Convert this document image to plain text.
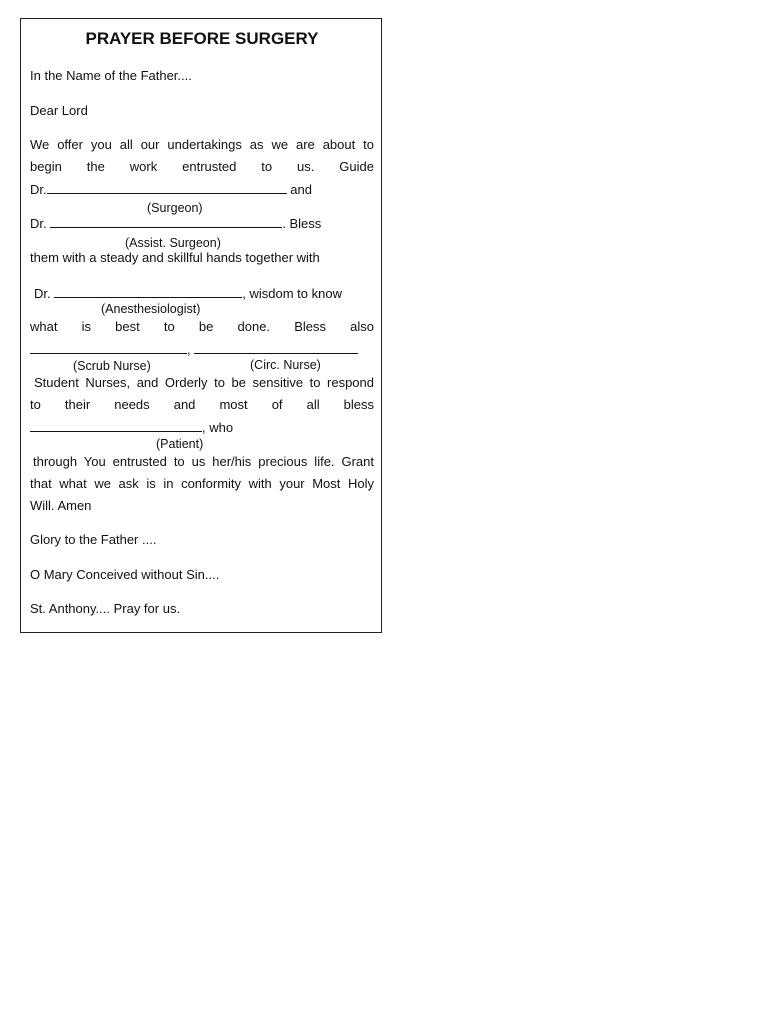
PRAYER BEFORE SURGERY
In the Name of the Father....
Dear Lord
We offer you all our undertakings as we are about to
begin the work entrusted to us. Guide
Dr.	and
(Surgeon)
Dr.	. Bless
(Assist. Surgeon)
them with a steady and skillful hands together with
Dr.	, wisdom to know
(Anesthesiologist)
what is best to be done. Bless also
,
(Scrub Nurse)	(Circ. Nurse)
Student Nurses, and Orderly to be sensitive to respond
to their needs and most of all bless
, who
(Patient)
through You entrusted to us her/his precious life. Grant
that what we ask is in conformity with your Most Holy
Will. Amen
Glory to the Father ....
O Mary Conceived without Sin....
St. Anthony.... Pray for us.
